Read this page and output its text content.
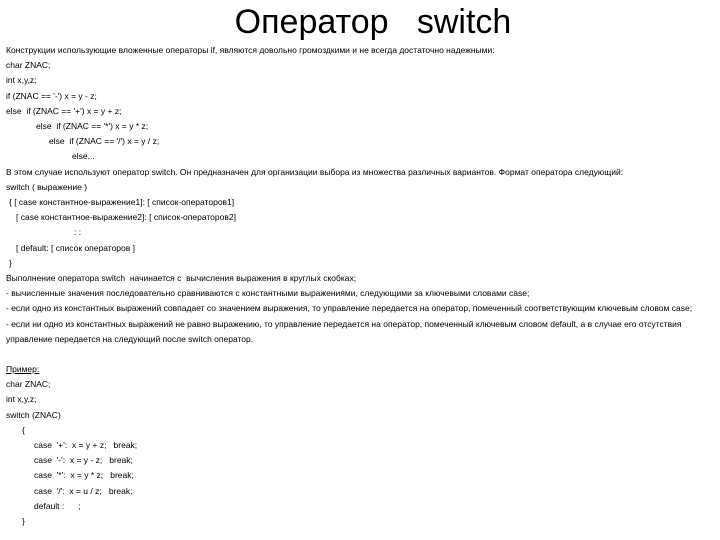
Оператор   switch
Конструкции использующие вложенные операторы if, являются довольно громоздкими и не всегда достаточно надежными:
char ZNAC;
int x,y,z;
if (ZNAC == '-') x = y - z;
else  if (ZNAC == '+') x = y + z;
else  if (ZNAC == '*') x = y * z;
else  if (ZNAC == '/') x = y / z;
else...
В этом случае используют оператор switch. Он предназначен для организации выбора из множества различных вариантов. Формат оператора следующий:
switch ( выражение )
{ [ case константное-выражение1]: [ список-операторов1]
[ case константное-выражение2]: [ список-операторов2]
: :
[ default: [ список операторов ]
}
Выполнение оператора switch  начинается с  вычисления выражения в круглых скобках;
- вычисленные значения последовательно сравниваются с константными выражениями, следующими за ключевыми словами case;
- если одно из константных выражений совпадает со значением выражения, то управление передается на оператор, помеченный соответствующим ключевым словом case;
- если ни одно из константных выражений не равно выражению, то управление передается на оператор, помеченный ключевым словом default, а в случае его отсутствия управление передается на следующий после switch оператор.
Пример:
char ZNAC;
int x,y,z;
switch (ZNAC)
{
case  '+':  x = y + z;   break;
case  '-':  x = y - z;   break;
case  '*':  x = y * z;   break;
case  '/':  x = u / z;   break;
default :      ;
}
